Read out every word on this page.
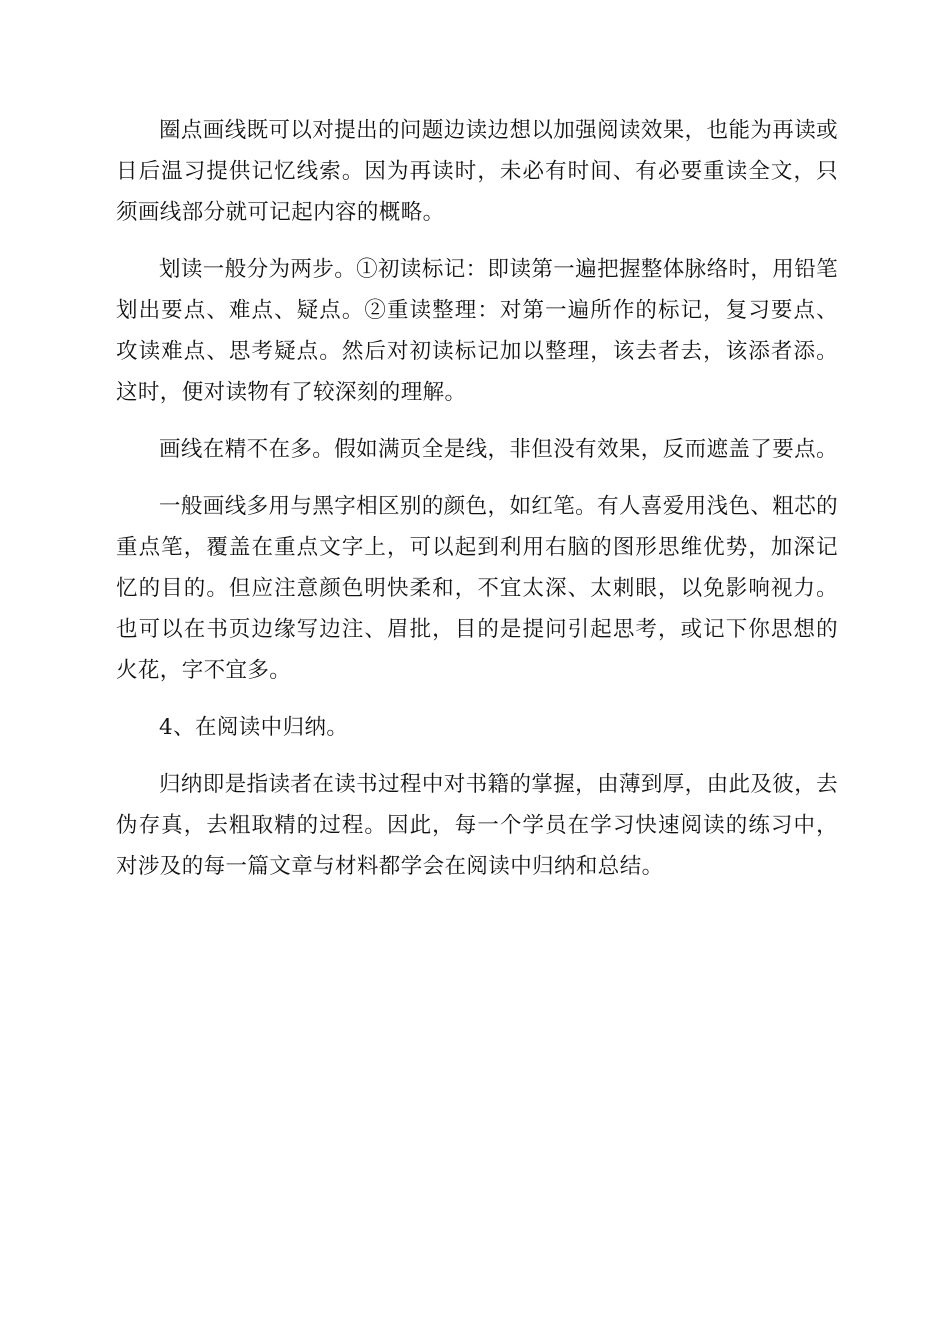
圈点画线既可以对提出的问题边读边想以加强阅读效果，也能为再读或日后温习提供记忆线索。因为再读时，未必有时间、有必要重读全文，只须画线部分就可记起内容的概略。

划读一般分为两步。①初读标记：即读第一遍把握整体脉络时，用铅笔划出要点、难点、疑点。②重读整理：对第一遍所作的标记，复习要点、攻读难点、思考疑点。然后对初读标记加以整理，该去者去，该添者添。这时，便对读物有了较深刻的理解。

画线在精不在多。假如满页全是线，非但没有效果，反而遮盖了要点。

一般画线多用与黑字相区别的颜色，如红笔。有人喜爱用浅色、粗芯的重点笔，覆盖在重点文字上，可以起到利用右脑的图形思维优势，加深记忆的目的。但应注意颜色明快柔和，不宜太深、太刺眼，以免影响视力。也可以在书页边缘写边注、眉批，目的是提问引起思考，或记下你思想的火花，字不宜多。

4、在阅读中归纳。

归纳即是指读者在读书过程中对书籍的掌握，由薄到厚，由此及彼，去伪存真，去粗取精的过程。因此，每一个学员在学习快速阅读的练习中，对涉及的每一篇文章与材料都学会在阅读中归纳和总结。
